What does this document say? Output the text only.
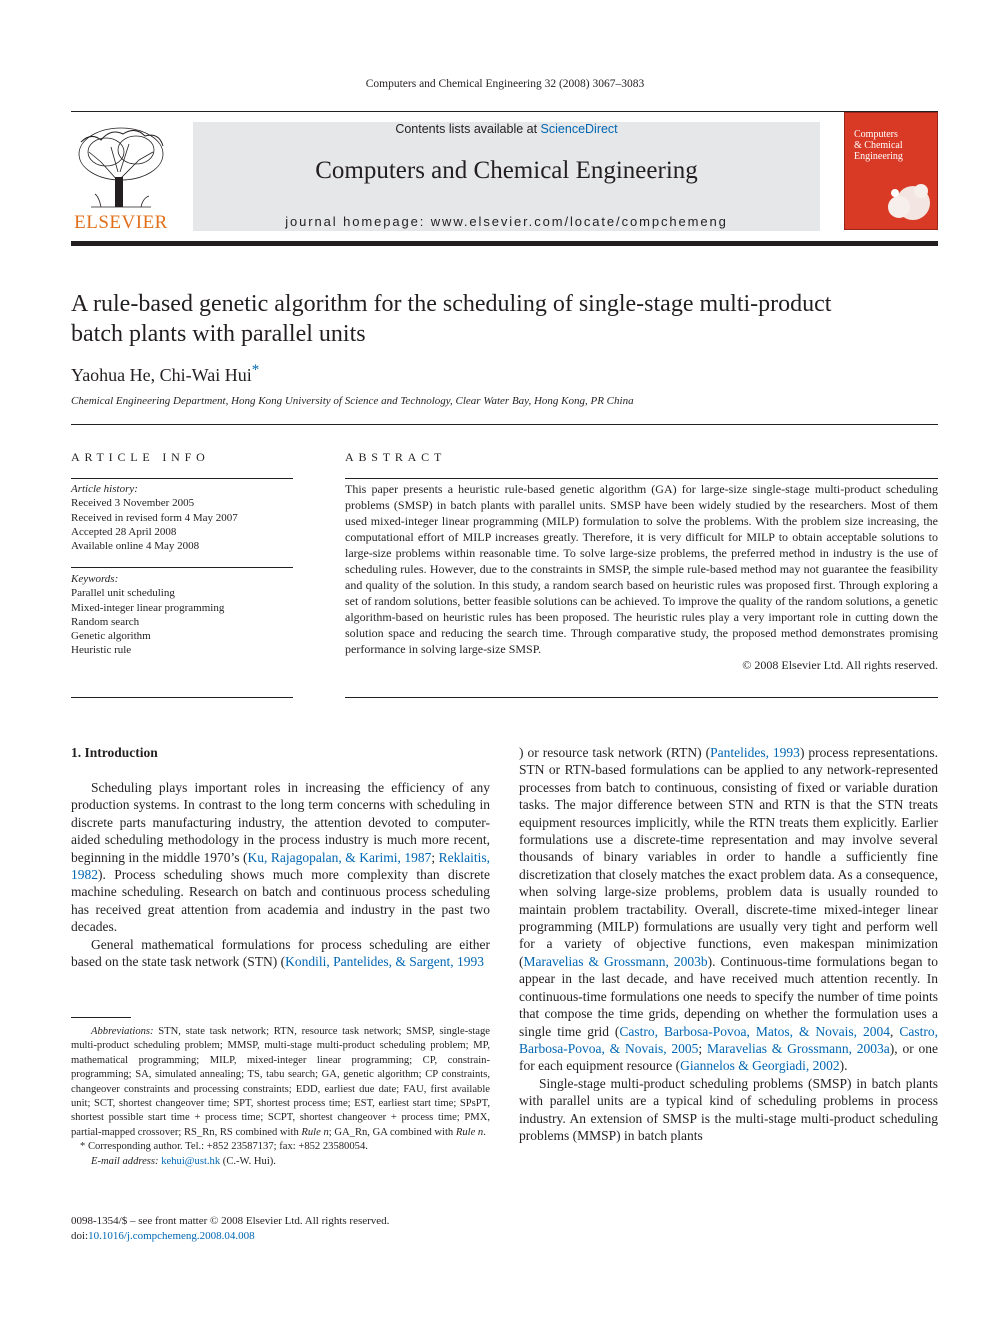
Computers and Chemical Engineering 32 (2008) 3067–3083
ELSEVIER
Contents lists available at ScienceDirect
Computers and Chemical Engineering
journal homepage: www.elsevier.com/locate/compchemeng
Computers
& Chemical
Engineering
A rule-based genetic algorithm for the scheduling of single-stage multi-product
batch plants with parallel units
Yaohua He, Chi-Wai Hui*
Chemical Engineering Department, Hong Kong University of Science and Technology, Clear Water Bay, Hong Kong, PR China
ARTICLE INFO
Article history:
Received 3 November 2005
Received in revised form 4 May 2007
Accepted 28 April 2008
Available online 4 May 2008
Keywords:
Parallel unit scheduling
Mixed-integer linear programming
Random search
Genetic algorithm
Heuristic rule
ABSTRACT
This paper presents a heuristic rule-based genetic algorithm (GA) for large-size single-stage multi-product scheduling problems (SMSP) in batch plants with parallel units. SMSP have been widely studied by the researchers. Most of them used mixed-integer linear programming (MILP) formulation to solve the problems. With the problem size increasing, the computational effort of MILP increases greatly. Therefore, it is very difficult for MILP to obtain acceptable solutions to large-size problems within reasonable time. To solve large-size problems, the preferred method in industry is the use of scheduling rules. However, due to the constraints in SMSP, the simple rule-based method may not guarantee the feasibility and quality of the solution. In this study, a random search based on heuristic rules was proposed first. Through exploring a set of random solutions, better feasible solutions can be achieved. To improve the quality of the random solutions, a genetic algorithm-based on heuristic rules has been proposed. The heuristic rules play a very important role in cutting down the solution space and reducing the search time. Through comparative study, the proposed method demonstrates promising performance in solving large-size SMSP.
© 2008 Elsevier Ltd. All rights reserved.
1. Introduction

Scheduling plays important roles in increasing the efficiency of any production systems. In contrast to the long term concerns with scheduling in discrete parts manufacturing industry, the attention devoted to computer-aided scheduling methodology in the process industry is much more recent, beginning in the middle 1970’s (Ku, Rajagopalan, & Karimi, 1987; Reklaitis, 1982). Process scheduling shows much more complexity than discrete machine scheduling. Research on batch and continuous process scheduling has received great attention from academia and industry in the past two decades.

General mathematical formulations for process scheduling are either based on the state task network (STN) (Kondili, Pantelides, & Sargent, 1993

Abbreviations: STN, state task network; RTN, resource task network; SMSP, single-stage multi-product scheduling problem; MMSP, multi-stage multi-product scheduling problem; MP, mathematical programming; MILP, mixed-integer linear programming; CP, constrain-programming; SA, simulated annealing; TS, tabu search; GA, genetic algorithm; CP constraints, changeover constraints and processing constraints; EDD, earliest due date; FAU, first available unit; SCT, shortest changeover time; SPT, shortest process time; EST, earliest start time; SPsPT, shortest possible start time + process time; SCPT, shortest changeover + process time; PMX, partial-mapped crossover; RS_Rn, RS combined with Rule n; GA_Rn, GA combined with Rule n.

* Corresponding author. Tel.: +852 23587137; fax: +852 23580054.

E-mail address: kehui@ust.hk (C.-W. Hui).

0098-1354/$ – see front matter © 2008 Elsevier Ltd. All rights reserved.
doi:10.1016/j.compchemeng.2008.04.008

) or resource task network (RTN) (Pantelides, 1993) process representations. STN or RTN-based formulations can be applied to any network-represented processes from batch to continuous, consisting of fixed or variable duration tasks. The major difference between STN and RTN is that the STN treats equipment resources implicitly, while the RTN treats them explicitly. Earlier formulations use a discrete-time representation and may involve several thousands of binary variables in order to handle a sufficiently fine discretization that closely matches the exact problem data. As a consequence, when solving large-size problems, problem data is usually rounded to maintain problem tractability. Overall, discrete-time mixed-integer linear programming (MILP) formulations are usually very tight and perform well for a variety of objective functions, even makespan minimization (Maravelias & Grossmann, 2003b). Continuous-time formulations began to appear in the last decade, and have received much attention recently. In continuous-time formulations one needs to specify the number of time points that compose the time grids, depending on whether the formulation uses a single time grid (Castro, Barbosa-Povoa, Matos, & Novais, 2004, Castro, Barbosa-Povoa, & Novais, 2005; Maravelias & Grossmann, 2003a), or one for each equipment resource (Giannelos & Georgiadi, 2002).

Single-stage multi-product scheduling problems (SMSP) in batch plants with parallel units are a typical kind of scheduling problems in process industry. An extension of SMSP is the multi-stage multi-product scheduling problems (MMSP) in batch plants
